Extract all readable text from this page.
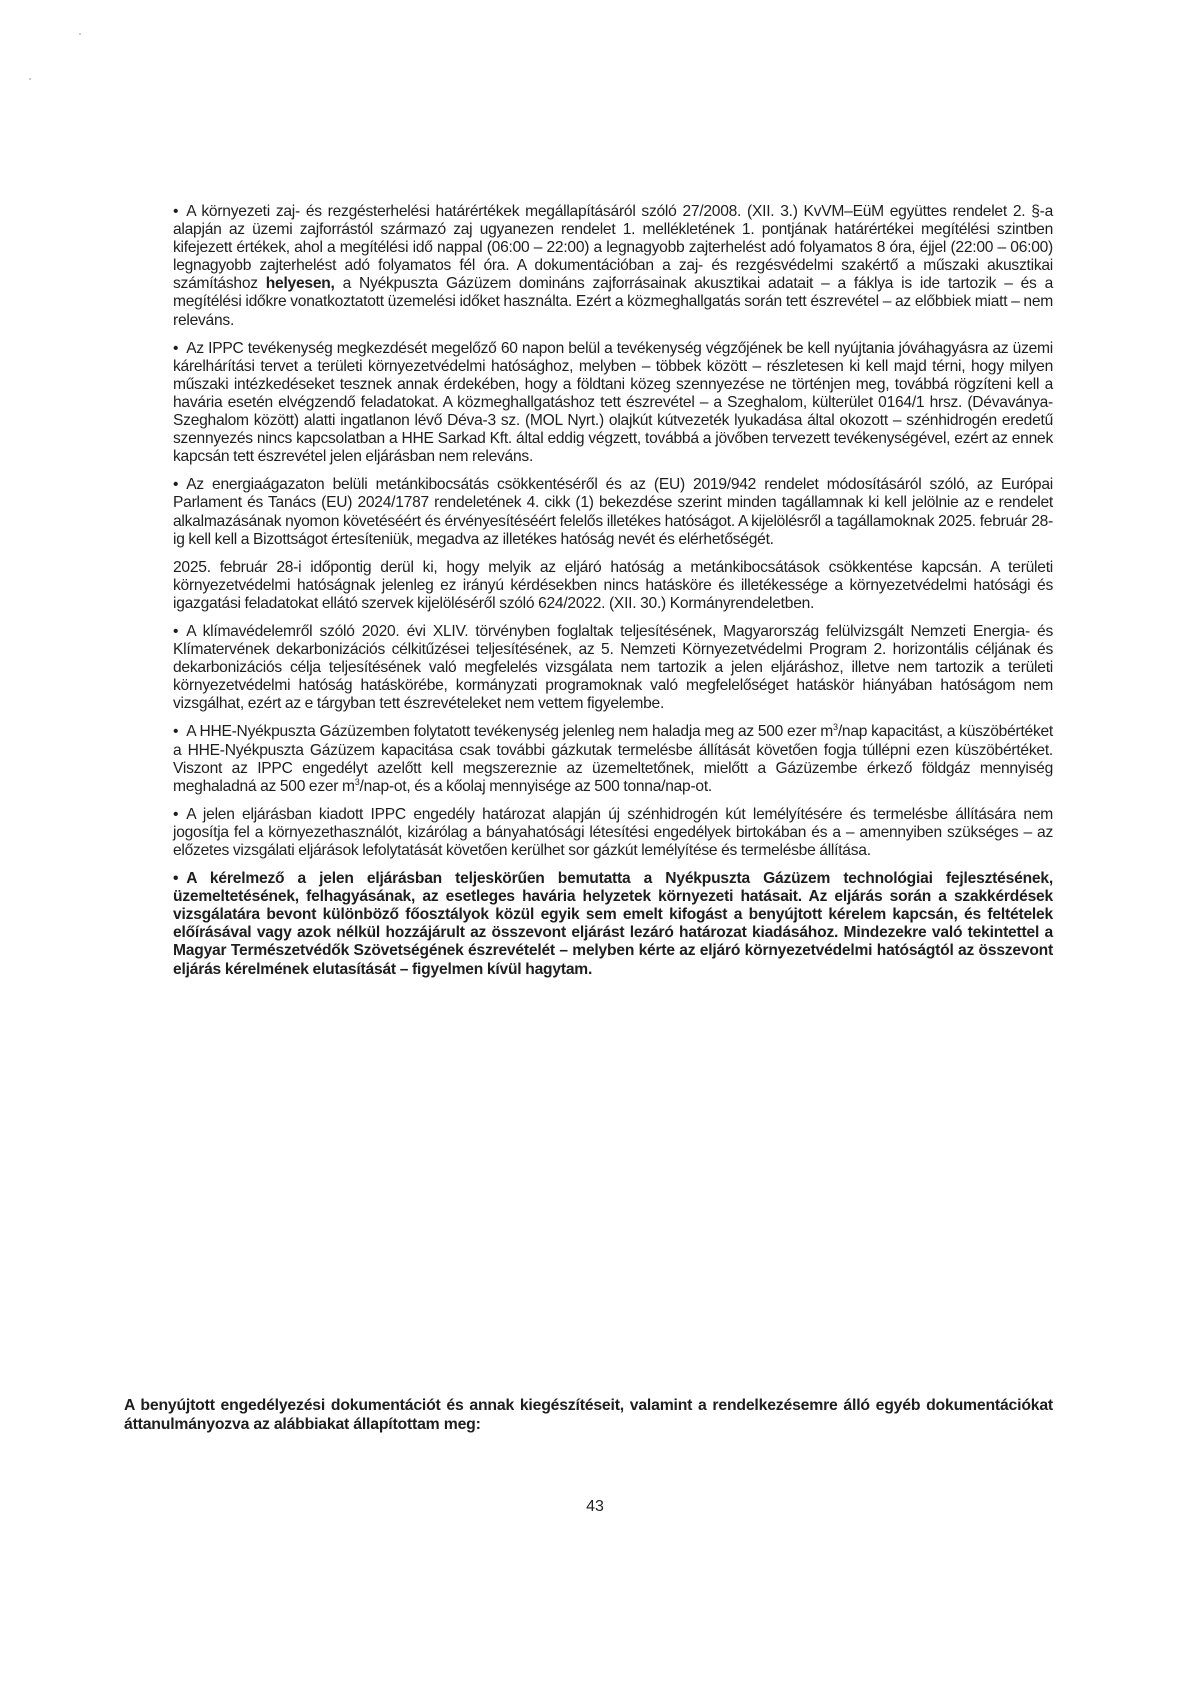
• A környezeti zaj- és rezgésterhelési határértékek megállapításáról szóló 27/2008. (XII. 3.) KvVM–EüM együttes rendelet 2. §-a alapján az üzemi zajforrástól származó zaj ugyanezen rendelet 1. mellékletének 1. pontjának határértékei megítélési szintben kifejezett értékek, ahol a megítélési idő nappal (06:00 – 22:00) a legnagyobb zajterhelést adó folyamatos 8 óra, éjjel (22:00 – 06:00) legnagyobb zajterhelést adó folyamatos fél óra. A dokumentációban a zaj- és rezgésvédelmi szakértő a műszaki akusztikai számításhoz helyesen, a Nyékpuszta Gázüzem domináns zajforrásainak akusztikai adatait – a fáklya is ide tartozik – és a megítélési időkre vonatkoztatott üzemelési időket használta. Ezért a közmeghallgatás során tett észrevétel – az előbbiek miatt – nem releváns.

• Az IPPC tevékenység megkezdését megelőző 60 napon belül a tevékenység végzőjének be kell nyújtania jóváhagyásra az üzemi kárelhárítási tervet a területi környezetvédelmi hatósághoz, melyben – többek között – részletesen ki kell majd térni, hogy milyen műszaki intézkedéseket tesznek annak érdekében, hogy a földtani közeg szennyezése ne történjen meg, továbbá rögzíteni kell a havária esetén elvégzendő feladatokat. A közmeghallgatáshoz tett észrevétel – a Szeghalom, külterület 0164/1 hrsz. (Dévaványa-Szeghalom között) alatti ingatlanon lévő Déva-3 sz. (MOL Nyrt.) olajkút kútvezeték lyukadása által okozott – szénhidrogén eredetű szennyezés nincs kapcsolatban a HHE Sarkad Kft. által eddig végzett, továbbá a jövőben tervezett tevékenységével, ezért az ennek kapcsán tett észrevétel jelen eljárásban nem releváns.

• Az energiaágazaton belüli metánkibocsátás csökkentéséről és az (EU) 2019/942 rendelet módosításáról szóló, az Európai Parlament és Tanács (EU) 2024/1787 rendeletének 4. cikk (1) bekezdése szerint minden tagállamnak ki kell jelölnie az e rendelet alkalmazásának nyomon követéséért és érvényesítéséért felelős illetékes hatóságot. A kijelölésről a tagállamoknak 2025. február 28-ig kell kell a Bizottságot értesíteniük, megadva az illetékes hatóság nevét és elérhetőségét.

2025. február 28-i időpontig derül ki, hogy melyik az eljáró hatóság a metánkibocsátások csökkentése kapcsán. A területi környezetvédelmi hatóságnak jelenleg ez irányú kérdésekben nincs hatásköre és illetékessége a környezetvédelmi hatósági és igazgatási feladatokat ellátó szervek kijelöléséről szóló 624/2022. (XII. 30.) Kormányrendeletben.

• A klímavédelemről szóló 2020. évi XLIV. törvényben foglaltak teljesítésének, Magyarország felülvizsgált Nemzeti Energia- és Klímatervének dekarbonizációs célkitűzései teljesítésének, az 5. Nemzeti Környezetvédelmi Program 2. horizontális céljának és dekarbonizációs célja teljesítésének való megfelelés vizsgálata nem tartozik a jelen eljáráshoz, illetve nem tartozik a területi környezetvédelmi hatóság hatáskörébe, kormányzati programoknak való megfelelőséget hatáskör hiányában hatóságom nem vizsgálhat, ezért az e tárgyban tett észrevételeket nem vettem figyelembe.

• A HHE-Nyékpuszta Gázüzemben folytatott tevékenység jelenleg nem haladja meg az 500 ezer $m^3$/nap kapacitást, a küszöbértéket a HHE-Nyékpuszta Gázüzem kapacitása csak további gázkutak termelésbe állítását követően fogja túllépni ezen küszöbértéket. Viszont az IPPC engedélyt azelőtt kell megszereznie az üzemeltetőnek, mielőtt a Gázüzembe érkező földgáz mennyiség meghaladná az 500 ezer $m^3/nap-ot$, és a kőolaj mennyisége az 500 tonna/nap-ot.

• A jelen eljárásban kiadott IPPC engedély határozat alapján új szénhidrogén kút lemélyítésére és termelésbe állítására nem jogosítja fel a környezethasználót, kizárólag a bányahatósági létesítési engedélyek birtokában és a – amennyiben szükséges – az előzetes vizsgálati eljárások lefolytatását követően kerülhet sor gázkút lemélyítése és termelésbe állítása.

• A kérelmező a jelen eljárásban teljeskörűen bemutatta a Nyékpuszta Gázüzem technológiai fejlesztésének, üzemeltetésének, felhagyásának, az esetleges havária helyzetek környezeti hatásait. Az eljárás során a szakkérdések vizsgálatára bevont különböző főosztályok közül egyik sem emelt kifogást a benyújtott kérelem kapcsán, és feltételek előírásával vagy azok nélkül hozzájárult az összevont eljárást lezáró határozat kiadásához. Mindezekre való tekintettel a Magyar Természetvédők Szövetségének észrevételét – melyben kérte az eljáró környezetvédelmi hatóságtól az összevont eljárás kérelmének elutasítását – figyelmen kívül hagytam.

A benyújtott engedélyezési dokumentációt és annak kiegészítéseit, valamint a rendelkezésemre álló egyéb dokumentációkat áttanulmányozva az alábbiakat állapítottam meg:

43
